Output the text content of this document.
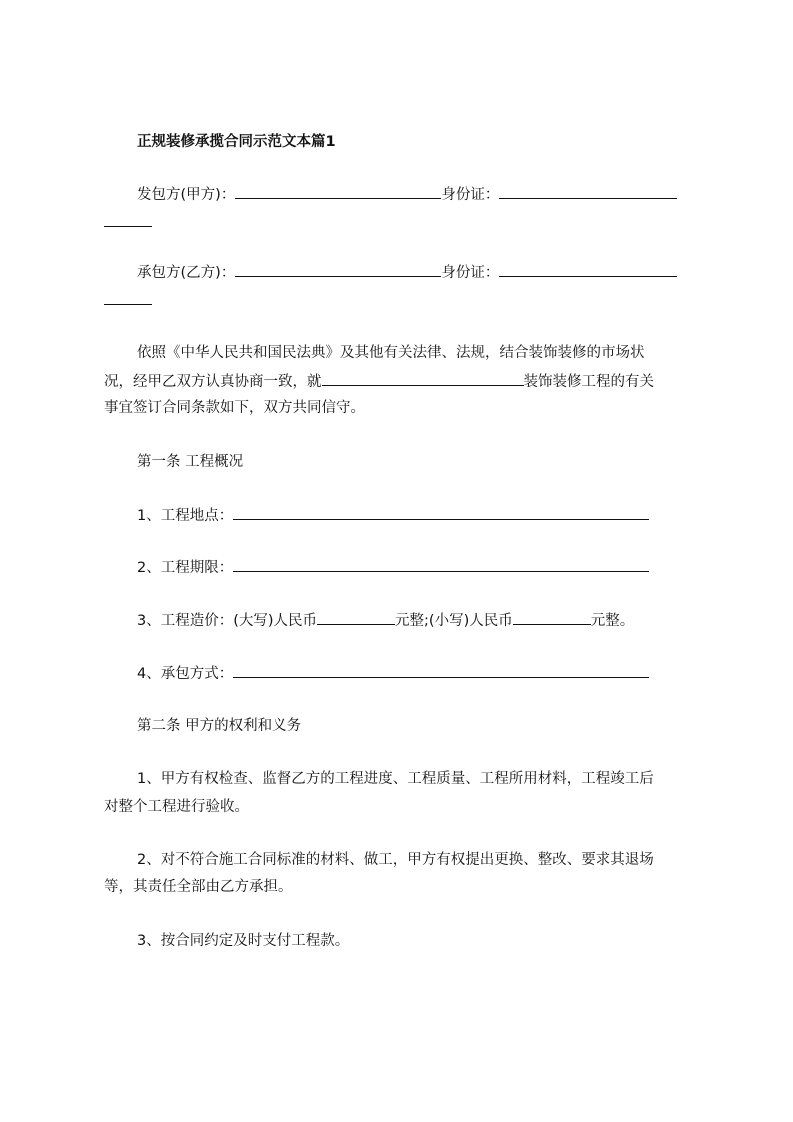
正规装修承揽合同示范文本篇1
发包方(甲方)：	身份证：
承包方(乙方)：	身份证：
依照《中华人民共和国民法典》及其他有关法律、法规，结合装饰装修的市场状
况，经甲乙双方认真协商一致，就	装饰装修工程的有关
事宜签订合同条款如下，双方共同信守。
第一条 工程概况
1、工程地点：
2、工程期限：
3、工程造价：(大写)人民币	元整;(小写)人民币	元整。
4、承包方式：
第二条 甲方的权利和义务
1、甲方有权检查、监督乙方的工程进度、工程质量、工程所用材料，工程竣工后
对整个工程进行验收。
2、对不符合施工合同标准的材料、做工，甲方有权提出更换、整改、要求其退场
等，其责任全部由乙方承担。
3、按合同约定及时支付工程款。
